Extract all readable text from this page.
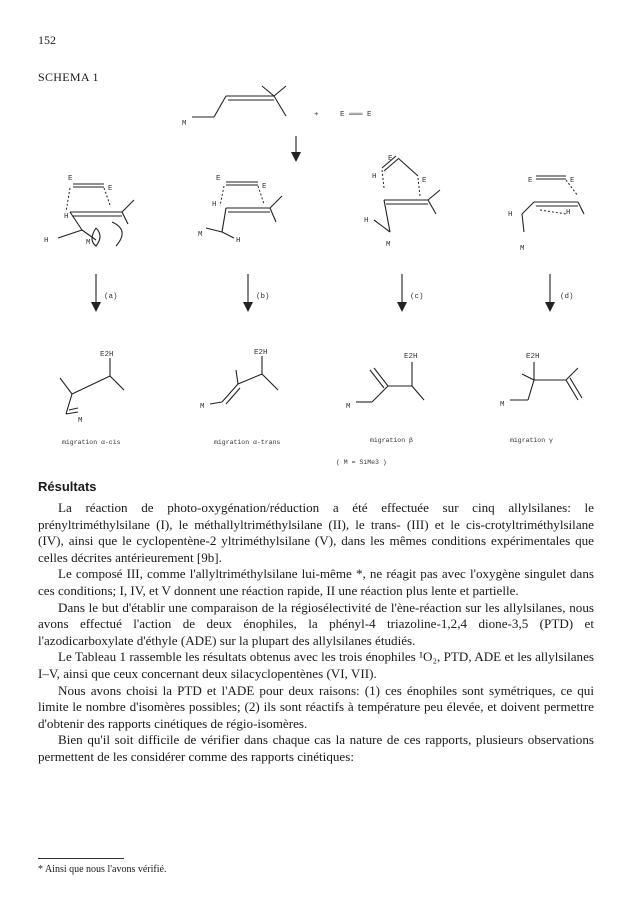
152
SCHEMA 1
M
+	E ═══ E
E
E
H
H	M
E
E
H
H
M
E
E
H
H
M
E	E
H
H
M
(a)	(b)	(c)	(d)
E2H
M
E2H
M
E2H
M
E2H
M
migration α-cis	migration α-trans	migration β	migration γ
( M = SiMe3 )
Résultats

La réaction de photo-oxygénation/réduction a été effectuée sur cinq allylsilanes: le prényltriméthylsilane (I), le méthallyltriméthylsilane (II), le trans- (III) et le cis-crotyltriméthylsilane (IV), ainsi que le cyclopentène-2 yltriméthylsilane (V), dans les mêmes conditions expérimentales que celles décrites antérieurement [9b].

Le composé III, comme l'allyltriméthylsilane lui-même *, ne réagit pas avec l'oxygène singulet dans ces conditions; I, IV, et V donnent une réaction rapide, II une réaction plus lente et partielle.

Dans le but d'établir une comparaison de la régiosélectivité de l'ène-réaction sur les allylsilanes, nous avons effectué l'action de deux énophiles, la phényl-4 triazoline-1,2,4 dione-3,5 (PTD) et l'azodicarboxylate d'éthyle (ADE) sur la plupart des allylsilanes étudiés.

Le Tableau 1 rassemble les résultats obtenus avec les trois énophiles ¹O₂, PTD, ADE et les allylsilanes I–V, ainsi que ceux concernant deux silacyclopentènes (VI, VII).

Nous avons choisi la PTD et l'ADE pour deux raisons: (1) ces énophiles sont symétriques, ce qui limite le nombre d'isomères possibles; (2) ils sont réactifs à température peu élevée, et doivent permettre d'obtenir des rapports cinétiques de régio-isomères.

Bien qu'il soit difficile de vérifier dans chaque cas la nature de ces rapports, plusieurs observations permettent de les considérer comme des rapports cinétiques:

* Ainsi que nous l'avons vérifié.
